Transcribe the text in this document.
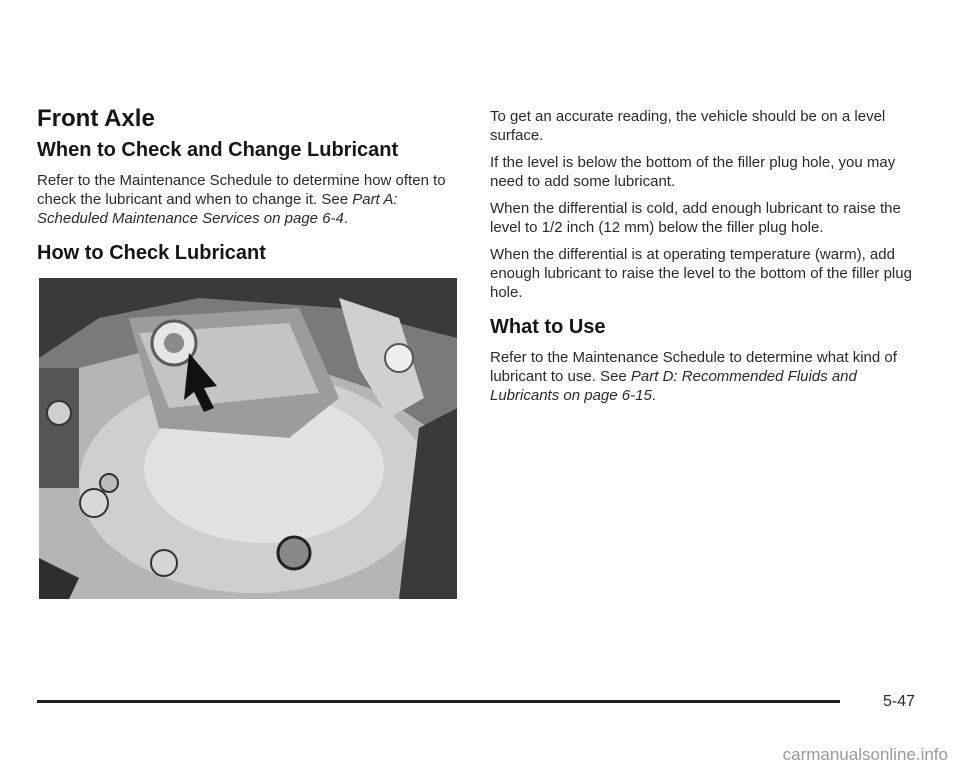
Front Axle
When to Check and Change Lubricant

Refer to the Maintenance Schedule to determine how often to check the lubricant and when to change it. See Part A: Scheduled Maintenance Services on page 6-4.

How to Check Lubricant

To get an accurate reading, the vehicle should be on a level surface.

If the level is below the bottom of the filler plug hole, you may need to add some lubricant.

When the differential is cold, add enough lubricant to raise the level to 1/2 inch (12 mm) below the filler plug hole.

When the differential is at operating temperature (warm), add enough lubricant to raise the level to the bottom of the filler plug hole.

What to Use

Refer to the Maintenance Schedule to determine what kind of lubricant to use. See Part D: Recommended Fluids and Lubricants on page 6-15.

5-47
carmanualsonline.info
